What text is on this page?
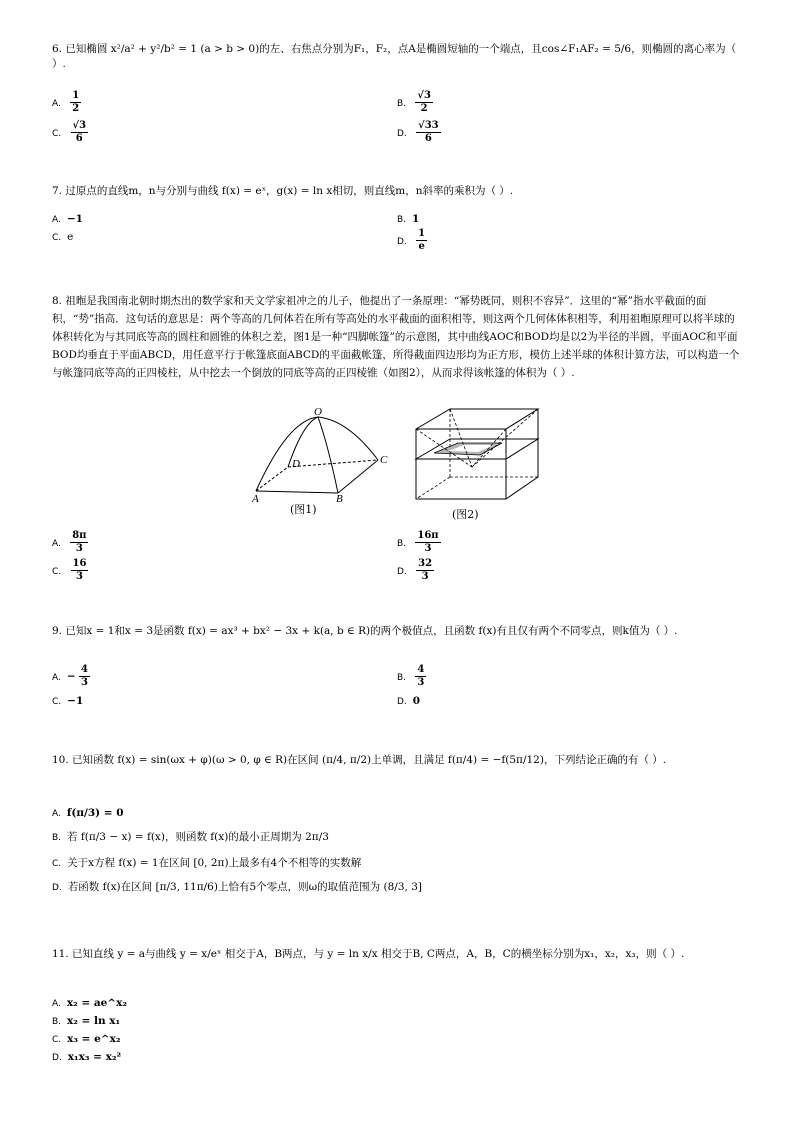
6. 已知椭圆 x²/a² + y²/b² = 1 (a > b > 0)的左、右焦点分别为F₁，F₂，点A是椭圆短轴的一个端点，且cos∠F₁AF₂ = 5/6，则椭圆的离心率为（ ）.
A. $\frac{1}{2}$	B. $\frac{√3}{2}$
C. $\frac{√3}{6}$	D. $\frac{√33}{6}$
7. 过原点的直线m，n与分别与曲线 f(x) = eˣ，g(x) = ln x相切，则直线m，n斜率的乘积为（ ）.
A. −1	B. 1
C. e	D. $\frac{1}{e}$
8. 祖暅是我国南北朝时期杰出的数学家和天文学家祖冲之的儿子，他提出了一条原理：“幂势既同，则积不容异”．这里的“幂”指水平截面的面积，“势”指高．这句话的意思是：两个等高的几何体若在所有等高处的水平截面的面积相等，则这两个几何体体积相等，利用祖暅原理可以将半球的体积转化为与其同底等高的圆柱和圆锥的体积之差，图1是一种“四脚帐篷”的示意图，其中曲线AOC和BOD均是以2为半径的半圆，平面AOC和平面BOD均垂直于平面ABCD，用任意平行于帐篷底面ABCD的平面截帐篷，所得截面四边形均为正方形，模仿上述半球的体积计算方法，可以构造一个与帐篷同底等高的正四棱柱，从中挖去一个倒放的同底等高的正四棱锥（如图2），从而求得该帐篷的体积为（ ）.
O
D	C
A	B
(图1)	(图2)
A. $\frac{8\pi}{3}$	B. $\frac{16\pi}{3}$
C. $\frac{16}{3}$	D. $\frac{32}{3}$
9. 已知x = 1和x = 3是函数 f(x) = ax³ + bx² − 3x + k(a, b ∈ R)的两个极值点，且函数 f(x)有且仅有两个不同零点，则k值为（ ）.
A. − $\frac{4}{3}$	B. $\frac{4}{3}$
C. −1	D. 0
10. 已知函数 f(x) = sin(ωx + φ)(ω > 0, φ ∈ R)在区间 (π/4, π/2)上单调，且满足 f(π/4) = −f(5π/12)，下列结论正确的有（ ）.
A. f(π/3) = 0
B. 若 f(π/3 − x) = f(x)，则函数 f(x)的最小正周期为 2π/3
C. 关于x方程 f(x) = 1在区间 [0, 2π)上最多有4个不相等的实数解
D. 若函数 f(x)在区间 [π/3, 11π/6)上恰有5个零点，则ω的取值范围为 (8/3, 3]
11. 已知直线 y = a与曲线 y = x/eˣ 相交于A，B两点，与 y = ln x/x 相交于B, C两点，A，B，C的横坐标分别为x₁，x₂，x₃，则（ ）.
A. x₂ = ae^x₂
B. x₂ = ln x₁
C. x₃ = e^x₂
D. x₁x₃ = x₂²
